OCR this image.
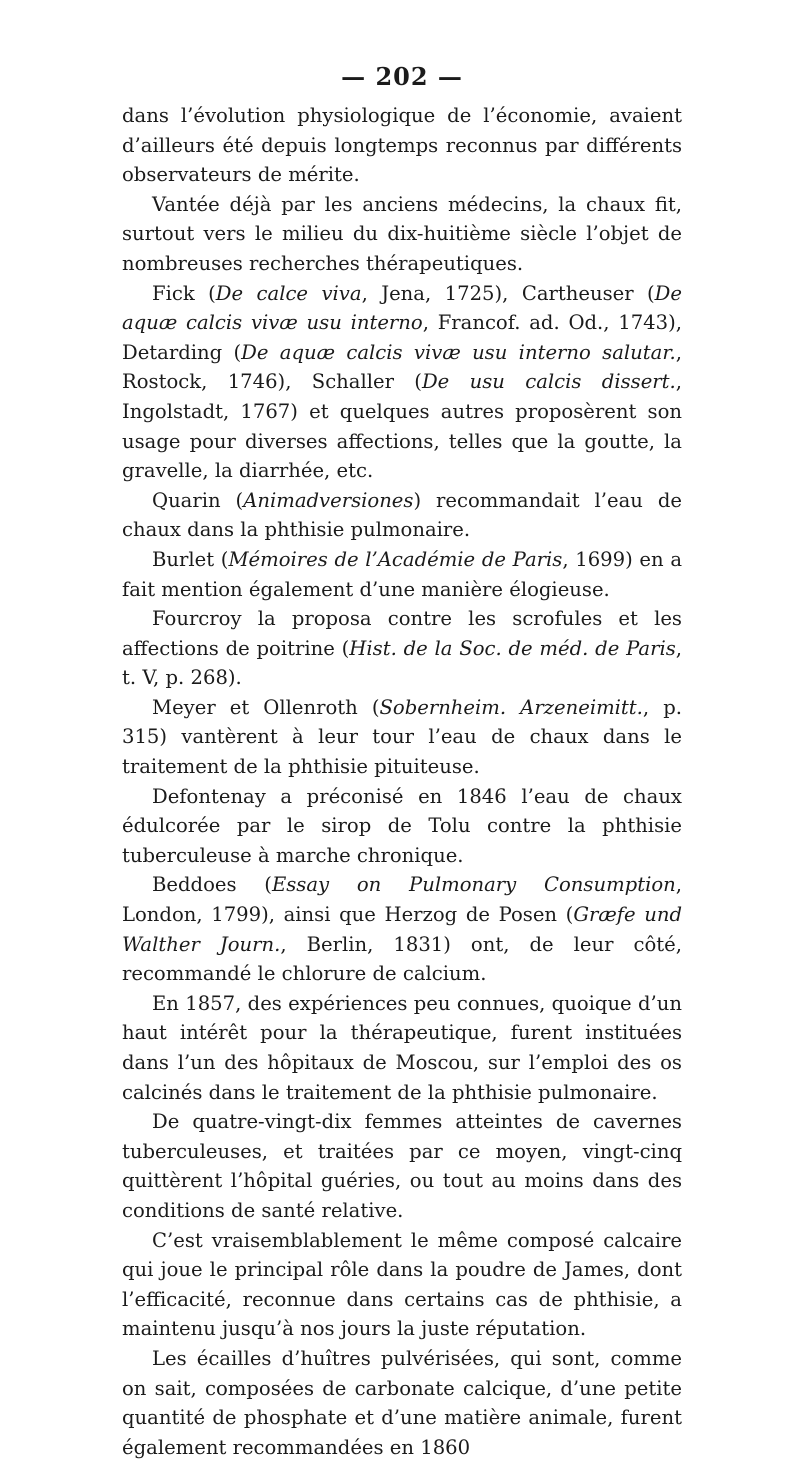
— 202 —

dans l’évolution physiologique de l’économie, avaient d’ailleurs été depuis longtemps reconnus par différents observateurs de mérite.

Vantée déjà par les anciens médecins, la chaux fit, surtout vers le milieu du dix-huitième siècle l’objet de nombreuses recherches thérapeutiques.

Fick (De calce viva, Jena, 1725), Cartheuser (De aquæ calcis vivæ usu interno, Francof. ad. Od., 1743), Detarding (De aquæ calcis vivæ usu interno salutar., Rostock, 1746), Schaller (De usu calcis dissert., Ingolstadt, 1767) et quelques autres proposèrent son usage pour diverses affections, telles que la goutte, la gravelle, la diarrhée, etc.

Quarin (Animadversiones) recommandait l’eau de chaux dans la phthisie pulmonaire.

Burlet (Mémoires de l’Académie de Paris, 1699) en a fait mention également d’une manière élogieuse.

Fourcroy la proposa contre les scrofules et les affections de poitrine (Hist. de la Soc. de méd. de Paris, t. V, p. 268).

Meyer et Ollenroth (Sobernheim. Arzeneimitt., p. 315) vantèrent à leur tour l’eau de chaux dans le traitement de la phthisie pituiteuse.

Defontenay a préconisé en 1846 l’eau de chaux édulcorée par le sirop de Tolu contre la phthisie tuberculeuse à marche chronique.

Beddoes (Essay on Pulmonary Consumption, London, 1799), ainsi que Herzog de Posen (Græfe und Walther Journ., Berlin, 1831) ont, de leur côté, recommandé le chlorure de calcium.

En 1857, des expériences peu connues, quoique d’un haut intérêt pour la thérapeutique, furent instituées dans l’un des hôpitaux de Moscou, sur l’emploi des os calcinés dans le traitement de la phthisie pulmonaire.

De quatre-vingt-dix femmes atteintes de cavernes tuberculeuses, et traitées par ce moyen, vingt-cinq quittèrent l’hôpital guéries, ou tout au moins dans des conditions de santé relative.

C’est vraisemblablement le même composé calcaire qui joue le principal rôle dans la poudre de James, dont l’efficacité, reconnue dans certains cas de phthisie, a maintenu jusqu’à nos jours la juste réputation.

Les écailles d’huîtres pulvérisées, qui sont, comme on sait, composées de carbonate calcique, d’une petite quantité de phosphate et d’une matière animale, furent également recommandées en 1860
